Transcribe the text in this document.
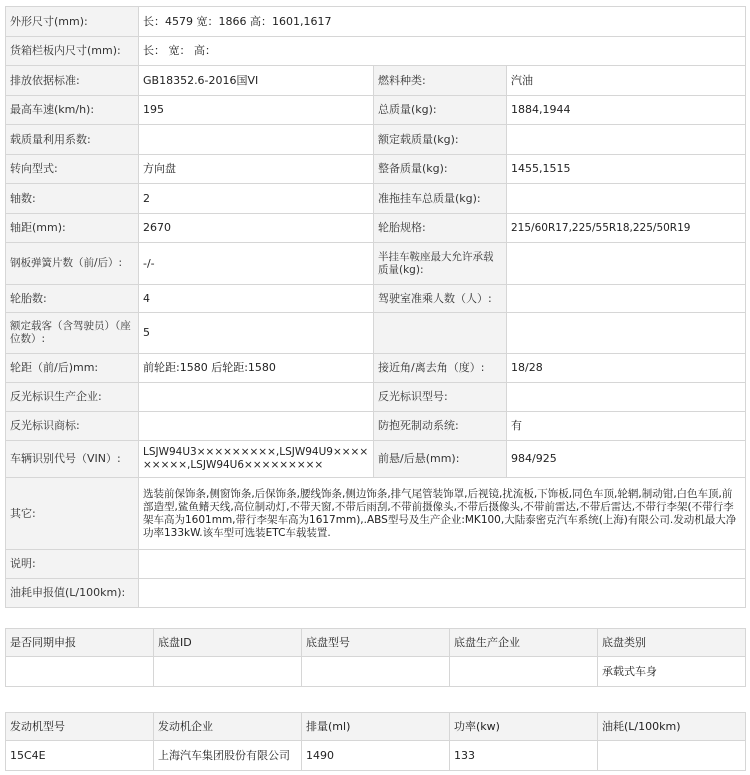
外形尺寸(mm):	长：4579 宽：1866 高：1601,1617		
货箱栏板内尺寸(mm):	长： 宽： 高：		
排放依据标准:	GB18352.6-2016国VI	燃料种类:	汽油
最高车速(km/h):	195	总质量(kg):	1884,1944
载质量利用系数:		额定载质量(kg):	
转向型式:	方向盘	整备质量(kg):	1455,1515
轴数:	2	准拖挂车总质量(kg):	
轴距(mm):	2670	轮胎规格:	215/60R17,225/55R18,225/50R19
钢板弹簧片数（前/后）:	-/-	半挂车鞍座最大允许承载质量(kg):	
轮胎数:	4	驾驶室准乘人数（人）:	
额定载客（含驾驶员）（座位数）:	5		
轮距（前/后)mm:	前轮距:1580 后轮距:1580	接近角/离去角（度）:	18/28
反光标识生产企业:		反光标识型号:	
反光标识商标:		防抱死制动系统:	有
车辆识别代号（VIN）:	LSJW94U3×××××××××,LSJW94U9×××××××××,LSJW94U6×××××××××	前悬/后悬(mm):	984/925
其它:	选装前保饰条,侧窗饰条,后保饰条,腰线饰条,侧边饰条,排气尾管装饰罩,后视镜,扰流板,下饰板,同色车顶,轮辋,制动钳,白色车顶,前部造型,鲨鱼鳍天线,高位制动灯,不带天窗,不带后雨刮,不带前摄像头,不带后摄像头,不带前雷达,不带后雷达,不带行李架(不带行李架车高为1601mm,带行李架车高为1617mm),.ABS型号及生产企业:MK100,大陆泰密克汽车系统(上海)有限公司.发动机最大净功率133kW.该车型可选装ETC车载装置.		
说明:			
油耗申报值(L/100km):			
是否同期申报	底盘ID	底盘型号	底盘生产企业	底盘类别
				承载式车身
发动机型号	发动机企业	排量(ml)	功率(kw)	油耗(L/100km)
15C4E	上海汽车集团股份有限公司	1490	133	
